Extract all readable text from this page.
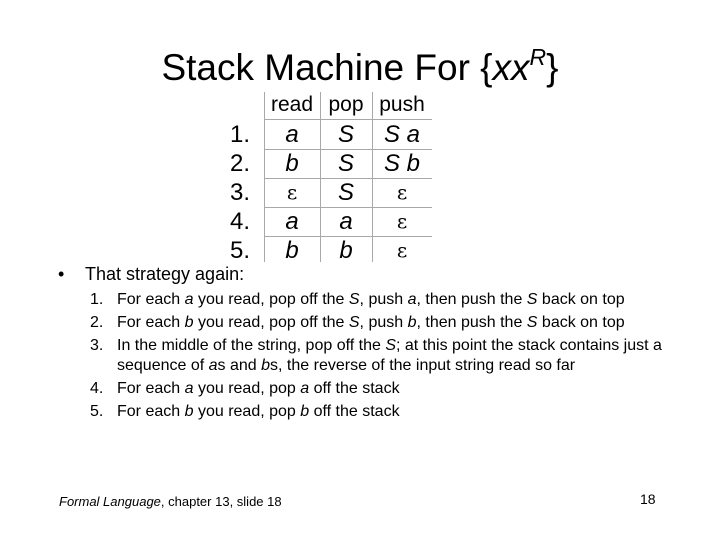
Stack Machine For $\{xx^R\}$
read pop push
1.	a	S	S a
2.	b	S	S b
3.	ε	S	ε
4.	a	a	ε
5.	b	b	ε
• That strategy again:
1. For each a you read, pop off the S, push a, then push the S back on top
2. For each b you read, pop off the S, push b, then push the S back on top
3. In the middle of the string, pop off the S; at this point the stack contains just a sequence of as and bs, the reverse of the input string read so far
4. For each a you read, pop a off the stack
5. For each b you read, pop b off the stack
Formal Language, chapter 13, slide 18	18
